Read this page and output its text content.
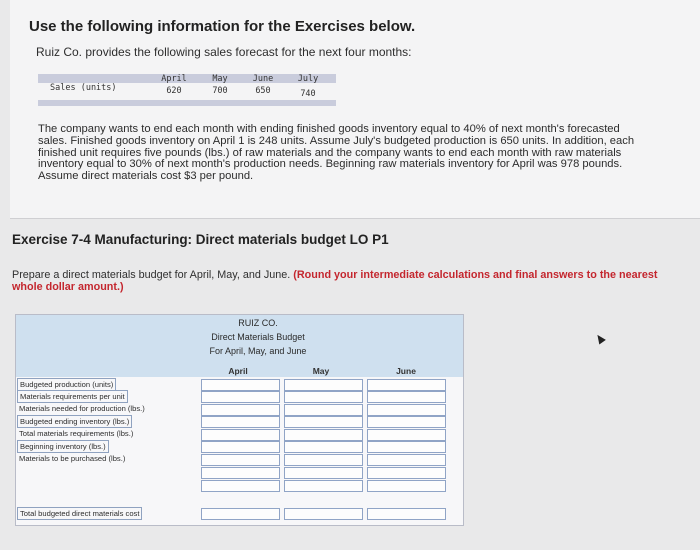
Use the following information for the Exercises below.
Ruiz Co. provides the following sales forecast for the next four months:
Sales (units)
April	May	June	July
620	700	650	740
The company wants to end each month with ending finished goods inventory equal to 40% of next month's forecasted
sales. Finished goods inventory on April 1 is 248 units. Assume July's budgeted production is 650 units. In addition, each
finished unit requires five pounds (lbs.) of raw materials and the company wants to end each month with raw materials
inventory equal to 30% of next month's production needs. Beginning raw materials inventory for April was 978 pounds.
Assume direct materials cost $3 per pound.
Exercise 7-4 Manufacturing: Direct materials budget LO P1
Prepare a direct materials budget for April, May, and June. (Round your intermediate calculations and final answers to the nearest
whole dollar amount.)
RUIZ CO.
Direct Materials Budget
For April, May, and June
April	May	June
Budgeted production (units)
Materials requirements per unit
Materials needed for production (lbs.)
Budgeted ending inventory (lbs.)
Total materials requirements (lbs.)
Beginning inventory (lbs.)
Materials to be purchased (lbs.)
Total budgeted direct materials cost
